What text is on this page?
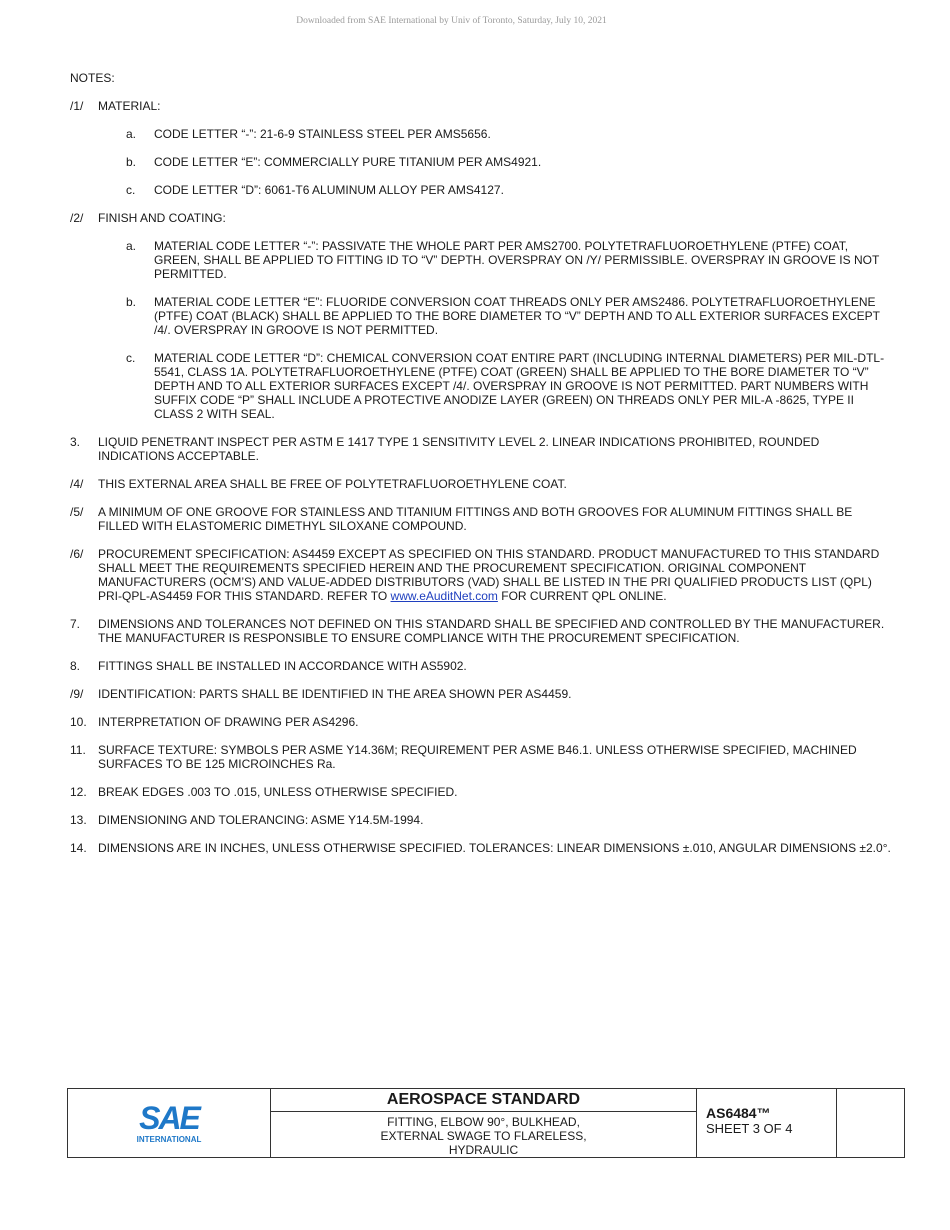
Downloaded from SAE International by Univ of Toronto, Saturday, July 10, 2021
NOTES:
/1/	MATERIAL:
a.	CODE LETTER “-”: 21-6-9 STAINLESS STEEL PER AMS5656.
b.	CODE LETTER “E”: COMMERCIALLY PURE TITANIUM PER AMS4921.
c.	CODE LETTER “D”: 6061-T6 ALUMINUM ALLOY PER AMS4127.
/2/	FINISH AND COATING:
a.	MATERIAL CODE LETTER “-”: PASSIVATE THE WHOLE PART PER AMS2700. POLYTETRAFLUOROETHYLENE (PTFE) COAT, GREEN, SHALL BE APPLIED TO FITTING ID TO “V” DEPTH. OVERSPRAY ON /Y/ PERMISSIBLE. OVERSPRAY IN GROOVE IS NOT PERMITTED.
b.	MATERIAL CODE LETTER “E”: FLUORIDE CONVERSION COAT THREADS ONLY PER AMS2486. POLYTETRAFLUOROETHYLENE (PTFE) COAT (BLACK) SHALL BE APPLIED TO THE BORE DIAMETER TO “V” DEPTH AND TO ALL EXTERIOR SURFACES EXCEPT /4/. OVERSPRAY IN GROOVE IS NOT PERMITTED.
c.	MATERIAL CODE LETTER “D”: CHEMICAL CONVERSION COAT ENTIRE PART (INCLUDING INTERNAL DIAMETERS) PER MIL-DTL-5541, CLASS 1A. POLYTETRAFLUOROETHYLENE (PTFE) COAT (GREEN) SHALL BE APPLIED TO THE BORE DIAMETER TO “V” DEPTH AND TO ALL EXTERIOR SURFACES EXCEPT /4/. OVERSPRAY IN GROOVE IS NOT PERMITTED. PART NUMBERS WITH SUFFIX CODE “P” SHALL INCLUDE A PROTECTIVE ANODIZE LAYER (GREEN) ON THREADS ONLY PER MIL-A -8625, TYPE II CLASS 2 WITH SEAL.
3.	LIQUID PENETRANT INSPECT PER ASTM E 1417 TYPE 1 SENSITIVITY LEVEL 2. LINEAR INDICATIONS PROHIBITED, ROUNDED INDICATIONS ACCEPTABLE.
/4/	THIS EXTERNAL AREA SHALL BE FREE OF POLYTETRAFLUOROETHYLENE COAT.
/5/	A MINIMUM OF ONE GROOVE FOR STAINLESS AND TITANIUM FITTINGS AND BOTH GROOVES FOR ALUMINUM FITTINGS SHALL BE FILLED WITH ELASTOMERIC DIMETHYL SILOXANE COMPOUND.
/6/	PROCUREMENT SPECIFICATION: AS4459 EXCEPT AS SPECIFIED ON THIS STANDARD. PRODUCT MANUFACTURED TO THIS STANDARD SHALL MEET THE REQUIREMENTS SPECIFIED HEREIN AND THE PROCUREMENT SPECIFICATION. ORIGINAL COMPONENT MANUFACTURERS (OCM’S) AND VALUE-ADDED DISTRIBUTORS (VAD) SHALL BE LISTED IN THE PRI QUALIFIED PRODUCTS LIST (QPL) PRI-QPL-AS4459 FOR THIS STANDARD. REFER TO www.eAuditNet.com FOR CURRENT QPL ONLINE.
7.	DIMENSIONS AND TOLERANCES NOT DEFINED ON THIS STANDARD SHALL BE SPECIFIED AND CONTROLLED BY THE MANUFACTURER. THE MANUFACTURER IS RESPONSIBLE TO ENSURE COMPLIANCE WITH THE PROCUREMENT SPECIFICATION.
8.	FITTINGS SHALL BE INSTALLED IN ACCORDANCE WITH AS5902.
/9/	IDENTIFICATION: PARTS SHALL BE IDENTIFIED IN THE AREA SHOWN PER AS4459.
10. INTERPRETATION OF DRAWING PER AS4296.
11.	SURFACE TEXTURE: SYMBOLS PER ASME Y14.36M; REQUIREMENT PER ASME B46.1. UNLESS OTHERWISE SPECIFIED, MACHINED SURFACES TO BE 125 MICROINCHES Ra.
12. BREAK EDGES .003 TO .015, UNLESS OTHERWISE SPECIFIED.
13. DIMENSIONING AND TOLERANCING: ASME Y14.5M-1994.
14. DIMENSIONS ARE IN INCHES, UNLESS OTHERWISE SPECIFIED. TOLERANCES: LINEAR DIMENSIONS ±.010, ANGULAR DIMENSIONS ±2.0°.
SAE
INTERNATIONAL
AEROSPACE STANDARD
FITTING, ELBOW 90°, BULKHEAD,
EXTERNAL SWAGE TO FLARELESS,
HYDRAULIC
AS6484™
SHEET 3 OF 4
